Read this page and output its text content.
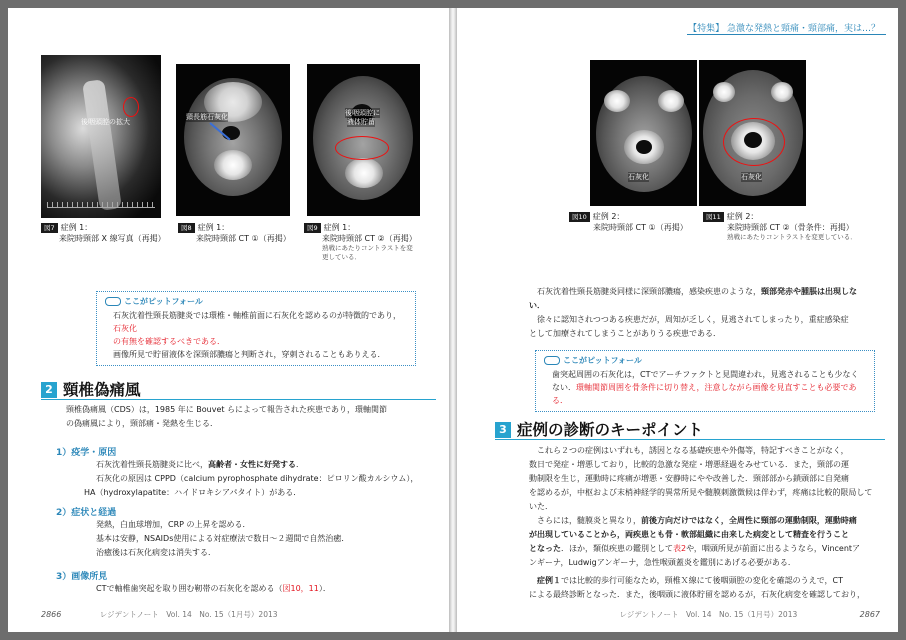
後咽頭腔の拡大
図7 症例 1：
来院時頸部 X 線写真（再掲）
頸長筋石灰化
図8 症例 1：
来院時頸部 CT ①（再掲）
後咽頭腔に
液体貯留
図9 症例 1：
来院時頸部 CT ②（再掲）
熟戦にあたりコントラストを変
更している．
ここがピットフォール
石灰沈着性頸長筋腱炎では環椎・軸椎前面に石灰化を認めるのが特徴的であり，石灰化
の有無を確認するべきである．
画像所見で貯留液体を深頸部膿瘍と判断され，穿刺されることもありえる．
2 頸椎偽痛風

頸椎偽痛風（CDS）は，1985 年に Bouvet らによって報告された疾患であり，環軸関節

の偽痛風により，頸部痛・発熱を生じる．

1）疫学・原因

石灰沈着性頸長筋腱炎に比べ，高齢者・女性に好発する．

石灰化の原因は CPPD（calcium pyrophosphate dihydrate：ピロリン酸カルシウム），

HA（hydroxylapatite：ハイドロキシアパタイト）がある．

2）症状と経過

発熱，白血球増加，CRP の上昇を認める．

基本は安静，NSAIDs使用による対症療法で数日～２週間で自然治癒．

治癒後は石灰化病変は消失する．

3）画像所見

CTで軸椎歯突起を取り囲む靭帯の石灰化を認める（図10，11）．

2866	レジデントノート　Vol. 14　No. 15（1月号）2013
【特集】 急激な発熱と頸痛・頸部痛，実は…？
石灰化
図10 症例 2：
来院時頸部 CT ①（再掲）
石灰化
図11 症例 2：
来院時頸部 CT ②（骨条件：再掲）
熟戦にあたりコントラストを変更している．

石灰沈着性頸長筋腱炎同様に深頸部膿瘍，感染疾患のような，頸部発赤や腫脹は出現しな

い．

徐々に認知されつつある疾患だが，周知が乏しく，見逃されてしまったり，重症感染症

として加療されてしまうことがありうる疾患である．

ここがピットフォール
歯突起周囲の石灰化は，CTでアーチファクトと見間違われ，見逃されることも少なく
ない．環軸関節周囲を骨条件に切り替え，注意しながら画像を見直すことも必要である．
3 症例の診断のキーポイント

これら２つの症例はいずれも，誘因となる基礎疾患や外傷等，特記すべきことがなく，

数日で発症・増悪しており，比較的急激な発症・増悪経過をみせている．また，頸部の運

動制限を生じ，運動時に疼痛が増悪・安静時にやや改善した．頸部部から鎖頭部に自発痛

を認めるが，中枢および末梢神経学的異常所見や髄膜刺激徴候は伴わず，疼痛は比較的限局して

いた．

さらには，髄膜炎と異なり，前後方向だけではなく，全周性に頸部の運動制限，運動時痛

が出現していることから，両疾患とも骨・軟部組織に由来した病変として精査を行うこと

となった．ほか，類似疾患の鑑別として表2や，咽頭所見が前面に出るようなら，Vincentア

ンギーナ，Ludwigアンギーナ，急性喉頭蓋炎を鑑別にあげる必要がある．

症例１では比較的歩行可能なため，頸椎Ｘ線にて後咽頭腔の変化を確認のうえで，CT

による最終診断となった．また，後咽頭に液体貯留を認めるが，石灰化病変を確認しており，

レジデントノート　Vol. 14　No. 15（1月号）2013	2867
